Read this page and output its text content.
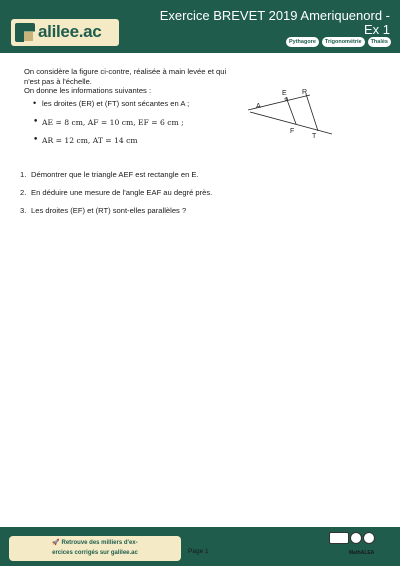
alilee.ac
Exercice BREVET 2019 Ameriquenord - Ex 1
Pythagore	Trigonométrie	Thalès
On considère la figure ci-contre, réalisée à main levée et qui n'est pas à l'échelle.
On donne les informations suivantes :
• les droites (ER) et (FT) sont sécantes en A ;
• AE = 8 cm, AF = 10 cm, EF = 6 cm ;
• AR = 12 cm, AT = 14 cm
A
E R
F
T
1. Démontrer que le triangle AEF est rectangle en E.
2. En déduire une mesure de l'angle EAF au degré près.
3. Les droites (EF) et (RT) sont-elles parallèles ?
🚀 Retrouve des milliers d'ex-
ercices corrigés sur galilee.ac	Page 1	MathALEA
